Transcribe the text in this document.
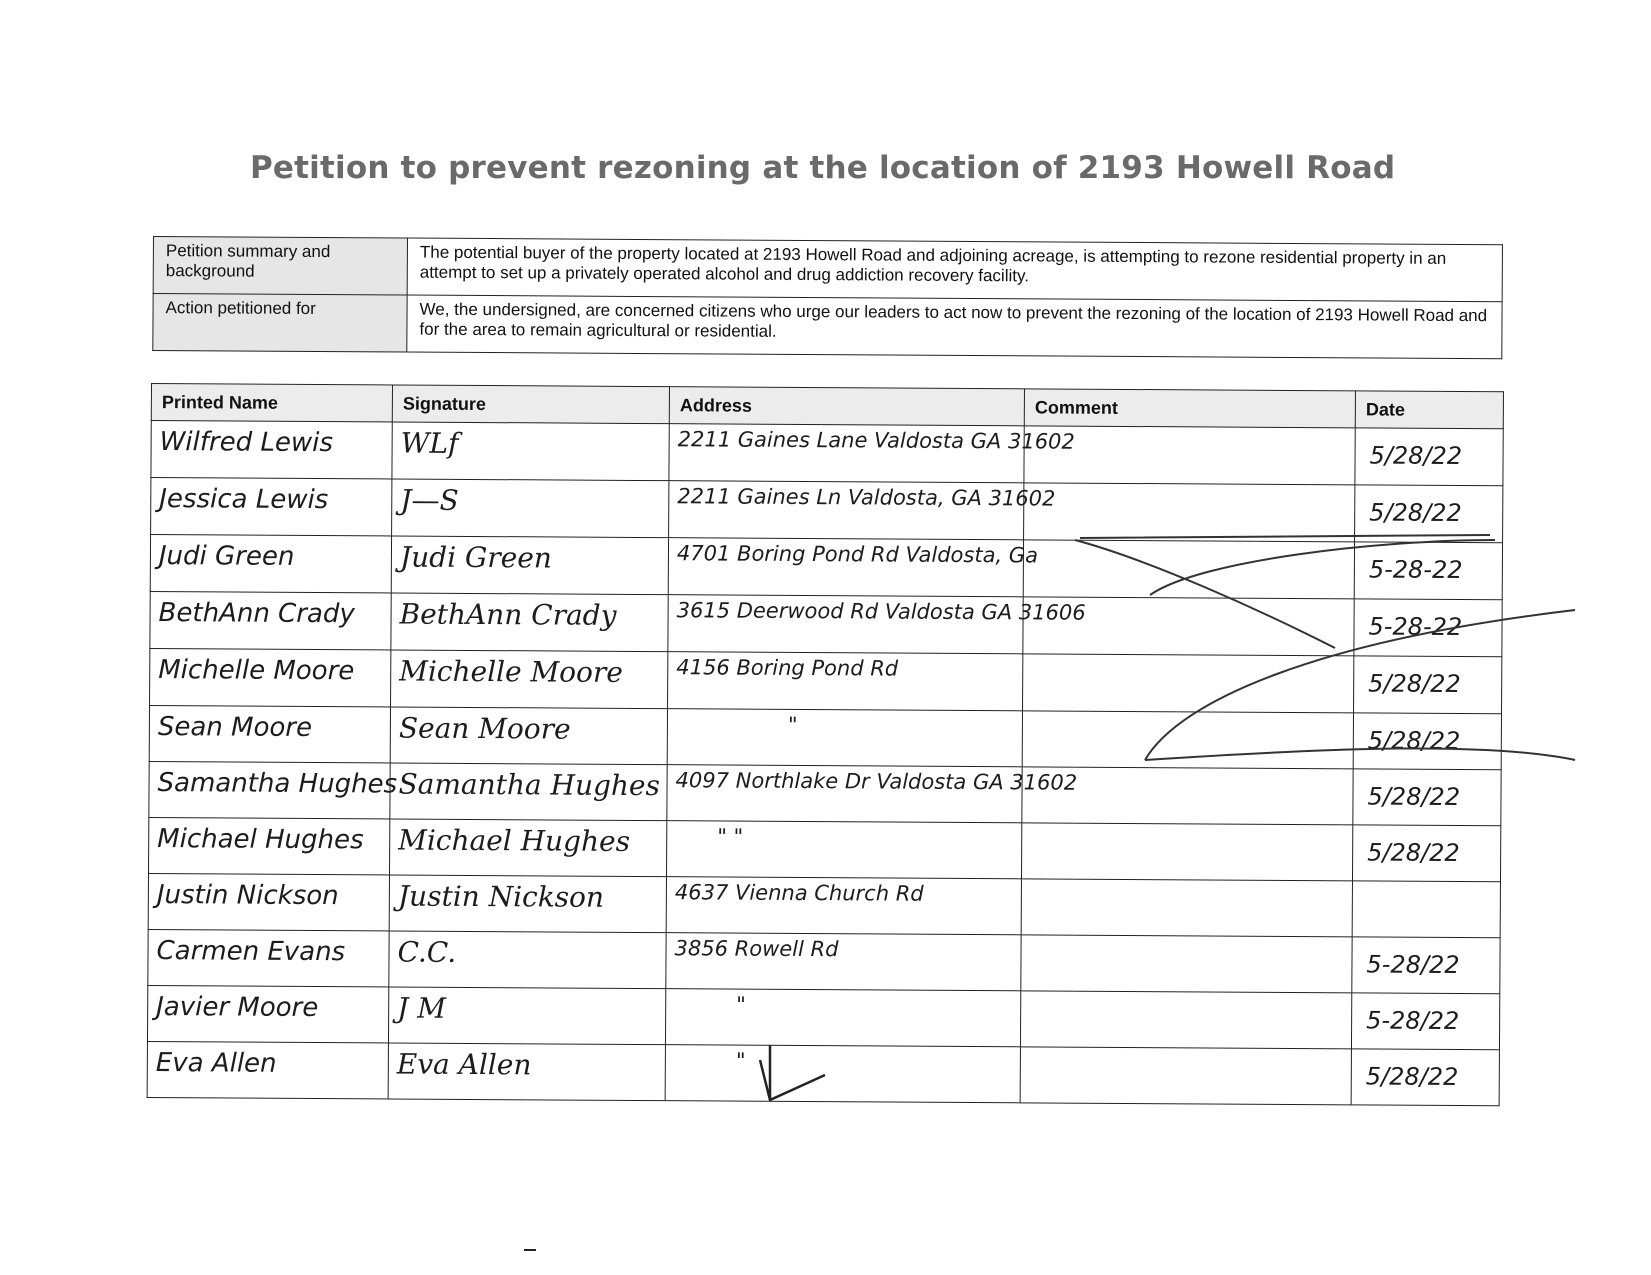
Petition to prevent rezoning at the location of 2193 Howell Road
Petition summary and background	The potential buyer of the property located at 2193 Howell Road and adjoining acreage, is attempting to rezone residential property in an attempt to set up a privately operated alcohol and drug addiction recovery facility.
Action petitioned for	We, the undersigned, are concerned citizens who urge our leaders to act now to prevent the rezoning of the location of 2193 Howell Road and for the area to remain agricultural or residential.
Printed Name	Signature	Address	Comment	Date

Wilfred Lewis	WLf	2211 Gaines Lane Valdosta GA 31602		5/28/22

Jessica Lewis	J—S	2211 Gaines Ln Valdosta, GA 31602		5/28/22

Judi Green	Judi Green	4701 Boring Pond Rd Valdosta, Ga		5-28-22

BethAnn Crady	BethAnn Crady	3615 Deerwood Rd Valdosta GA 31606		5-28-22

Michelle Moore	Michelle Moore	4156 Boring Pond Rd		5/28/22

Sean Moore	Sean Moore	"		5/28/22

Samantha Hughes	Samantha Hughes	4097 Northlake Dr Valdosta GA 31602		5/28/22

Michael Hughes	Michael Hughes	" "		5/28/22

Justin Nickson	Justin Nickson	4637 Vienna Church Rd		

Carmen Evans	C.C.	3856 Rowell Rd		5-28/22

Javier Moore	J M	"		5-28/22

Eva Allen	Eva Allen	"		5/28/22
